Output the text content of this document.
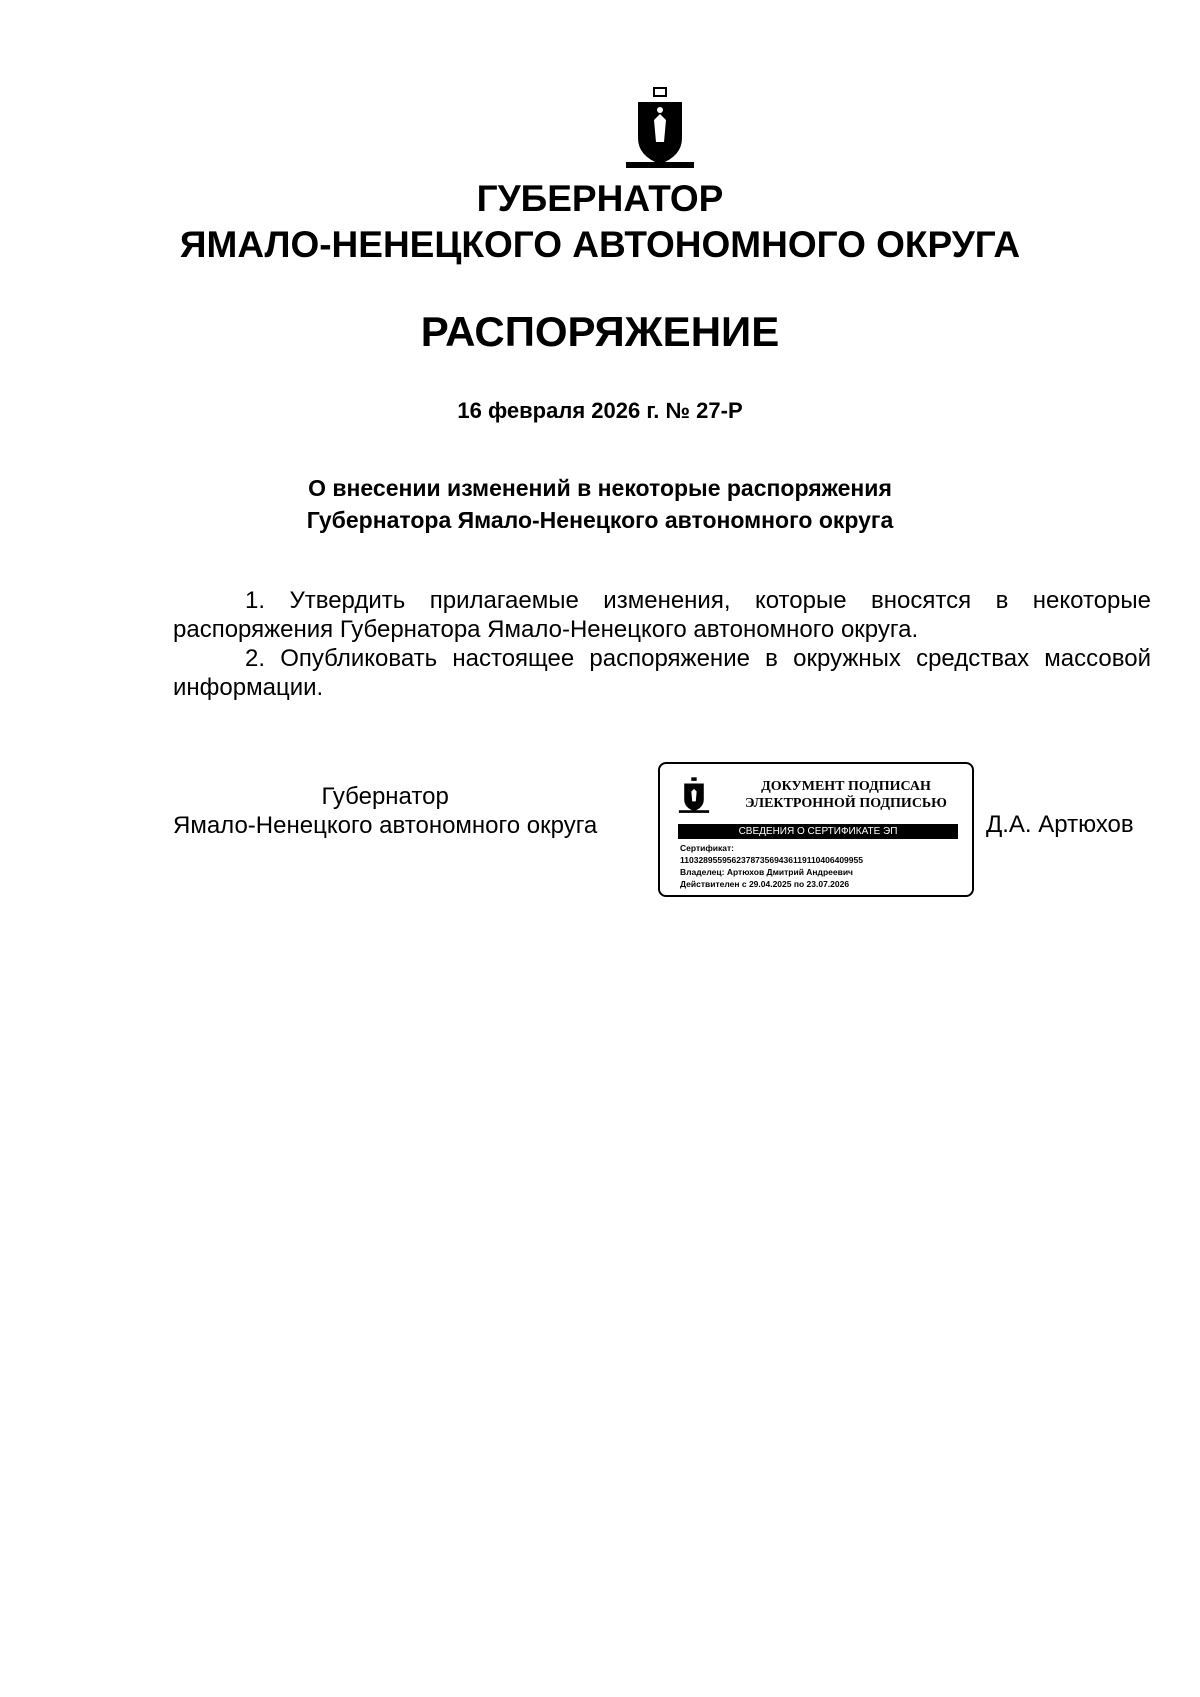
ГУБЕРНАТОР
ЯМАЛО-НЕНЕЦКОГО АВТОНОМНОГО ОКРУГА
РАСПОРЯЖЕНИЕ
16 февраля 2026 г. № 27-Р
О внесении изменений в некоторые распоряжения
Губернатора Ямало-Ненецкого автономного округа

1. Утвердить прилагаемые изменения, которые вносятся в некоторые распоряжения Губернатора Ямало-Ненецкого автономного округа.

2. Опубликовать настоящее распоряжение в окружных средствах массовой информации.

Губернатор
Ямало-Ненецкого автономного округа
ДОКУМЕНТ ПОДПИСАН
ЭЛЕКТРОННОЙ ПОДПИСЬЮ
СВЕДЕНИЯ О СЕРТИФИКАТЕ ЭП
Сертификат:
110328955956237873569436119110406409955
Владелец: Артюхов Дмитрий Андреевич
Действителен с 29.04.2025 по 23.07.2026
Д.А. Артюхов
